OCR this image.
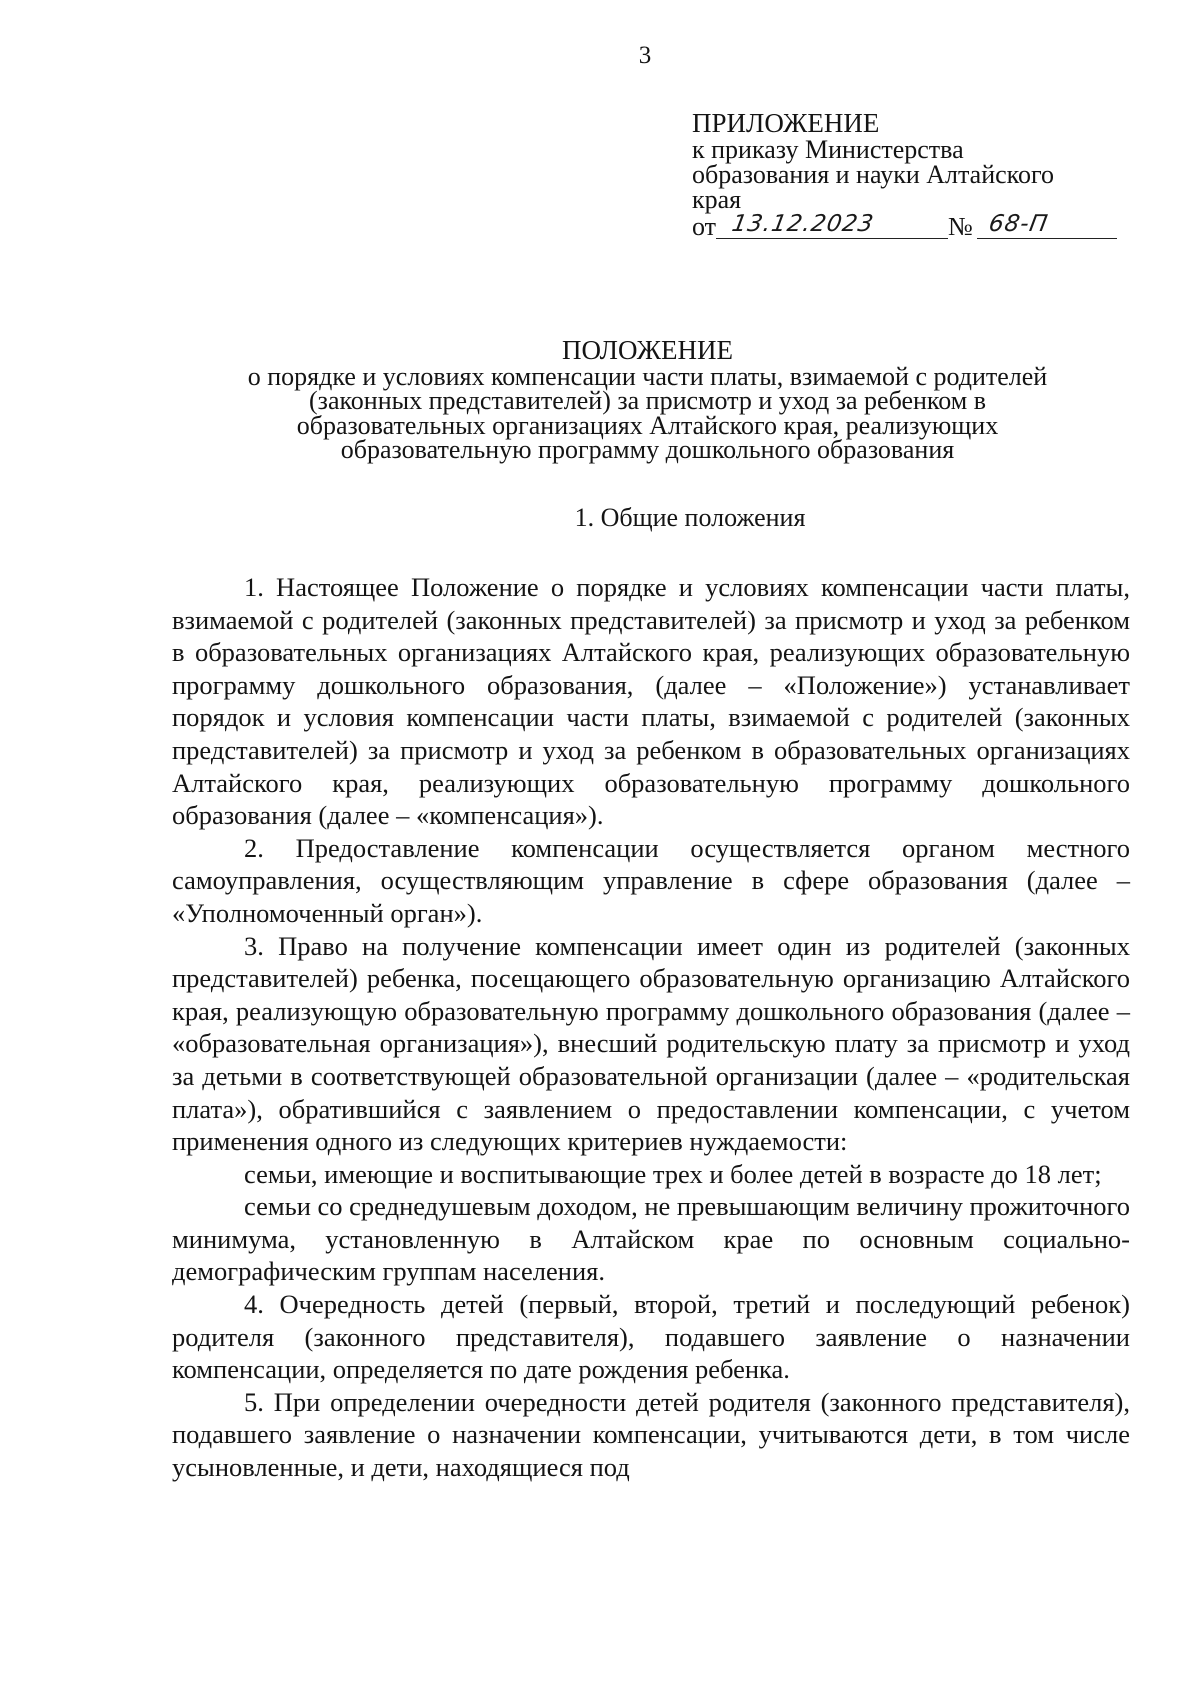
3
ПРИЛОЖЕНИЕ
к приказу Министерства
образования и науки Алтайского
края
от 13.12.2023	№ 68-П
ПОЛОЖЕНИЕ
о порядке и условиях компенсации части платы, взимаемой с родителей
(законных представителей) за присмотр и уход за ребенком в
образовательных организациях Алтайского края, реализующих
образовательную программу дошкольного образования
1. Общие положения

1. Настоящее Положение о порядке и условиях компенсации части платы, взимаемой с родителей (законных представителей) за присмотр и уход за ребенком в образовательных организациях Алтайского края, реализующих образовательную программу дошкольного образования, (далее – «Положение») устанавливает порядок и условия компенсации части платы, взимаемой с родителей (законных представителей) за присмотр и уход за ребенком в образовательных организациях Алтайского края, реализующих образовательную программу дошкольного образования (далее – «компенсация»).

2. Предоставление компенсации осуществляется органом местного самоуправления, осуществляющим управление в сфере образования (далее – «Уполномоченный орган»).

3. Право на получение компенсации имеет один из родителей (законных представителей) ребенка, посещающего образовательную организацию Алтайского края, реализующую образовательную программу дошкольного образования (далее – «образовательная организация»), внесший родительскую плату за присмотр и уход за детьми в соответствующей образовательной организации (далее – «родительская плата»), обратившийся с заявлением о предоставлении компенсации, с учетом применения одного из следующих критериев нуждаемости:

семьи, имеющие и воспитывающие трех и более детей в возрасте до 18 лет;

семьи со среднедушевым доходом, не превышающим величину прожиточного минимума, установленную в Алтайском крае по основным социально-демографическим группам населения.

4. Очередность детей (первый, второй, третий и последующий ребенок) родителя (законного представителя), подавшего заявление о назначении компенсации, определяется по дате рождения ребенка.

5. При определении очередности детей родителя (законного представителя), подавшего заявление о назначении компенсации, учитываются дети, в том числе усыновленные, и дети, находящиеся под
